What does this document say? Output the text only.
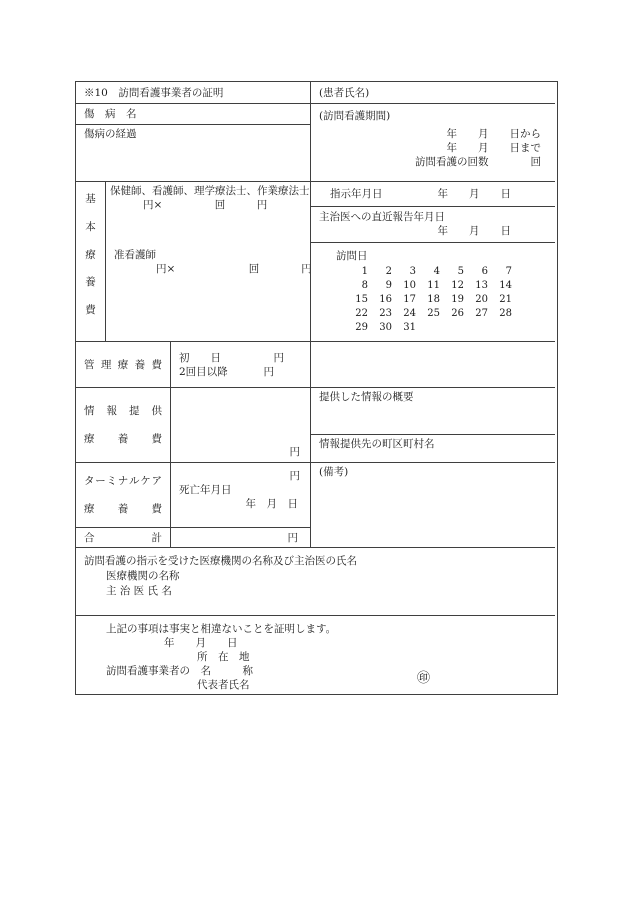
※10　訪問看護事業者の証明	(患者氏名)
傷　病　名
傷病の経過
(訪問看護期間)
年　　月　　日から
年　　月　　日まで
訪問看護の回数　　　　回
基
本
療
養
費
保健師、看護師、理学療法士、作業療法士
円×　　　　　回　　　円
准看護師
円×　　　　　　　回　　　　円
指示年月日	年　　月　　日
主治医への直近報告年月日
年　　月　　日
訪問日
1 2 3 4 5 6 7
8 9 10 11 12 13 14
15 16 17 18 19 20 21
22 23 24 25 26 27 28
29 30 31
管 理 療 養 費
初　　日	円
2回目以降	円
情 報 提 供
療 養 費
円
提供した情報の概要
情報提供先の町区町村名
タ ー ミ ナ ル ケ ア
療 養 費
円
死亡年月日
年　月　日
(備考)
合	計	円
訪問看護の指示を受けた医療機関の名称及び主治医の氏名
医療機関の名称
主 治 医 氏 名
上記の事項は事実と相違ないことを証明します。
年　　月　　日
所　在　地
訪問看護事業者の　名　　　称
代表者氏名	㊞
